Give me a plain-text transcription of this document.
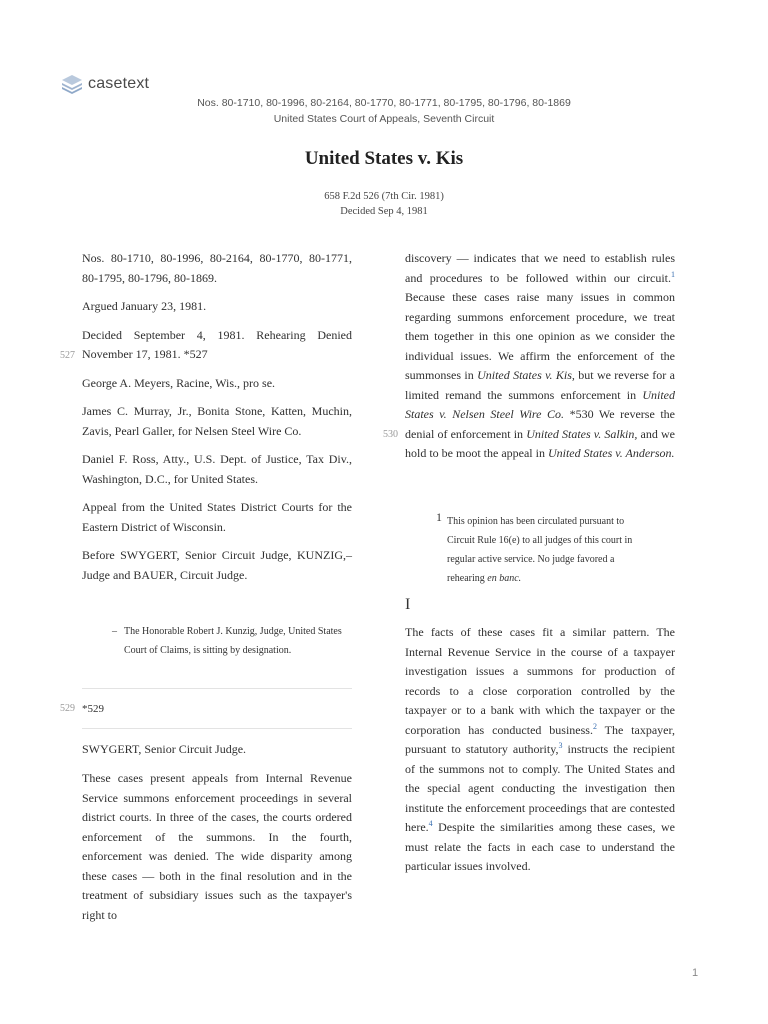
casetext
Nos. 80-1710, 80-1996, 80-2164, 80-1770, 80-1771, 80-1795, 80-1796, 80-1869
United States Court of Appeals, Seventh Circuit
United States v. Kis
658 F.2d 526 (7th Cir. 1981)
Decided Sep 4, 1981

Nos. 80-1710, 80-1996, 80-2164, 80-1770, 80-1771, 80-1795, 80-1796, 80-1869.

Argued January 23, 1981.

Decided September 4, 1981. Rehearing Denied November 17, 1981. *527

George A. Meyers, Racine, Wis., pro se.

James C. Murray, Jr., Bonita Stone, Katten, Muchin, Zavis, Pearl Galler, for Nelsen Steel Wire Co.

Daniel F. Ross, Atty., U.S. Dept. of Justice, Tax Div., Washington, D.C., for United States.

Appeal from the United States District Courts for the Eastern District of Wisconsin.

Before SWYGERT, Senior Circuit Judge, KUNZIG,– Judge and BAUER, Circuit Judge.

527
– The Honorable Robert J. Kunzig, Judge, United States Court of Claims, is sitting by designation.
529 *529
SWYGERT, Senior Circuit Judge.
These cases present appeals from Internal Revenue Service summons enforcement proceedings in several district courts. In three of the cases, the courts ordered enforcement of the summons. In the fourth, enforcement was denied. The wide disparity among these cases — both in the final resolution and in the treatment of subsidiary issues such as the taxpayer's right to
discovery — indicates that we need to establish rules and procedures to be followed within our circuit.$^1$ Because these cases raise many issues in common regarding summons enforcement procedure, we treat them together in this one opinion as we consider the individual issues. We affirm the enforcement of the summonses in United States v. Kis, but we reverse for a limited remand the summons enforcement in United States v. Nelsen Steel Wire Co. *530 We reverse the denial of enforcement in United States v. Salkin, and we hold to be moot the appeal in United States v. Anderson.
530
1 This opinion has been circulated pursuant to Circuit Rule 16(e) to all judges of this court in regular active service. No judge favored a rehearing en banc.
I
The facts of these cases fit a similar pattern. The Internal Revenue Service in the course of a taxpayer investigation issues a summons for production of records to a close corporation controlled by the taxpayer or to a bank with which the taxpayer or the corporation has conducted business.$^2$ The taxpayer, pursuant to statutory authority,$^3$ instructs the recipient of the summons not to comply. The United States and the special agent conducting the investigation then institute the enforcement proceedings that are contested here.$^4$ Despite the similarities among these cases, we must relate the facts in each case to understand the particular issues involved.
1
